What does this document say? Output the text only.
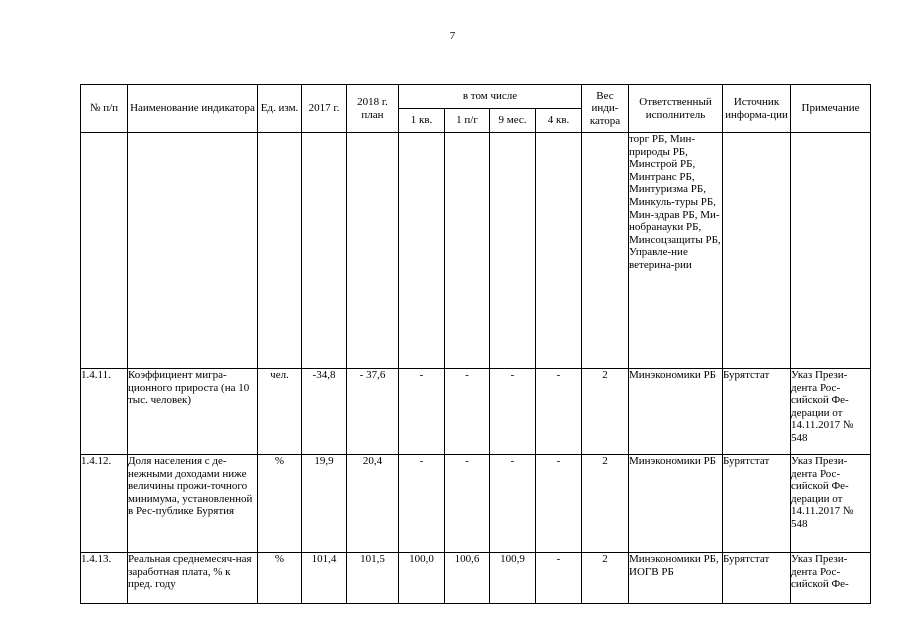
7
№ п/п	Наименование индикатора	Ед. изм.	2017 г.	2018 г. план	в том числе				Вес инди-катора	Ответственный исполнитель	Источник информа-ции	Примечание
					1 кв.	1 п/г	9 мес.	4 кв.				
										торг РБ, Мин-природы РБ, Минстрой РБ, Минтранс РБ, Минтуризма РБ, Минкуль-туры РБ, Мин-здрав РБ, Ми-нобранауки РБ, Минсоцзащиты РБ, Управле-ние ветерина-рии		
1.4.11.	Коэффициент мигра-ционного прироста (на 10 тыс. человек)	чел.	-34,8	- 37,6	-	-	-	-	2	Минэкономики РБ	Бурятстат	Указ Прези-дента Рос-сийской Фе-дерации от 14.11.2017 № 548
1.4.12.	Доля населения с де-нежными доходами ниже величины прожи-точного минимума, установленной в Рес-публике Бурятия	%	19,9	20,4	-	-	-	-	2	Минэкономики РБ	Бурятстат	Указ Прези-дента Рос-сийской Фе-дерации от 14.11.2017 № 548
1.4.13.	Реальная среднемесяч-ная заработная плата, % к пред. году	%	101,4	101,5	100,0	100,6	100,9	-	2	Минэкономики РБ, ИОГВ РБ	Бурятстат	Указ Прези-дента Рос-сийской Фе-
